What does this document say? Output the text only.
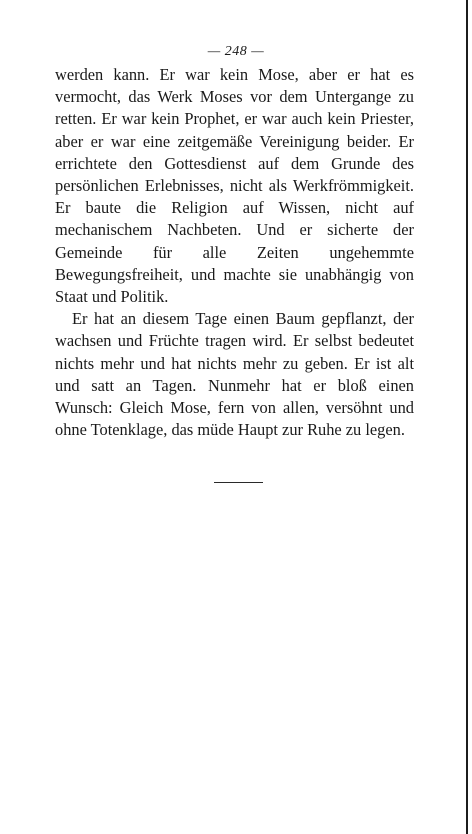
— 248 —

werden kann. Er war kein Mose, aber er hat es vermocht, das Werk Moses vor dem Untergange zu retten. Er war kein Prophet, er war auch kein Priester, aber er war eine zeitgemäße Vereinigung beider. Er errichtete den Gottesdienst auf dem Grunde des persönlichen Erlebnisses, nicht als Werkfrömmigkeit. Er baute die Religion auf Wissen, nicht auf mechanischem Nachbeten. Und er sicherte der Gemeinde für alle Zeiten ungehemmte Bewegungsfreiheit, und machte sie unabhängig von Staat und Politik.

Er hat an diesem Tage einen Baum gepflanzt, der wachsen und Früchte tragen wird. Er selbst bedeutet nichts mehr und hat nichts mehr zu geben. Er ist alt und satt an Tagen. Nunmehr hat er bloß einen Wunsch: Gleich Mose, fern von allen, versöhnt und ohne Totenklage, das müde Haupt zur Ruhe zu legen.
